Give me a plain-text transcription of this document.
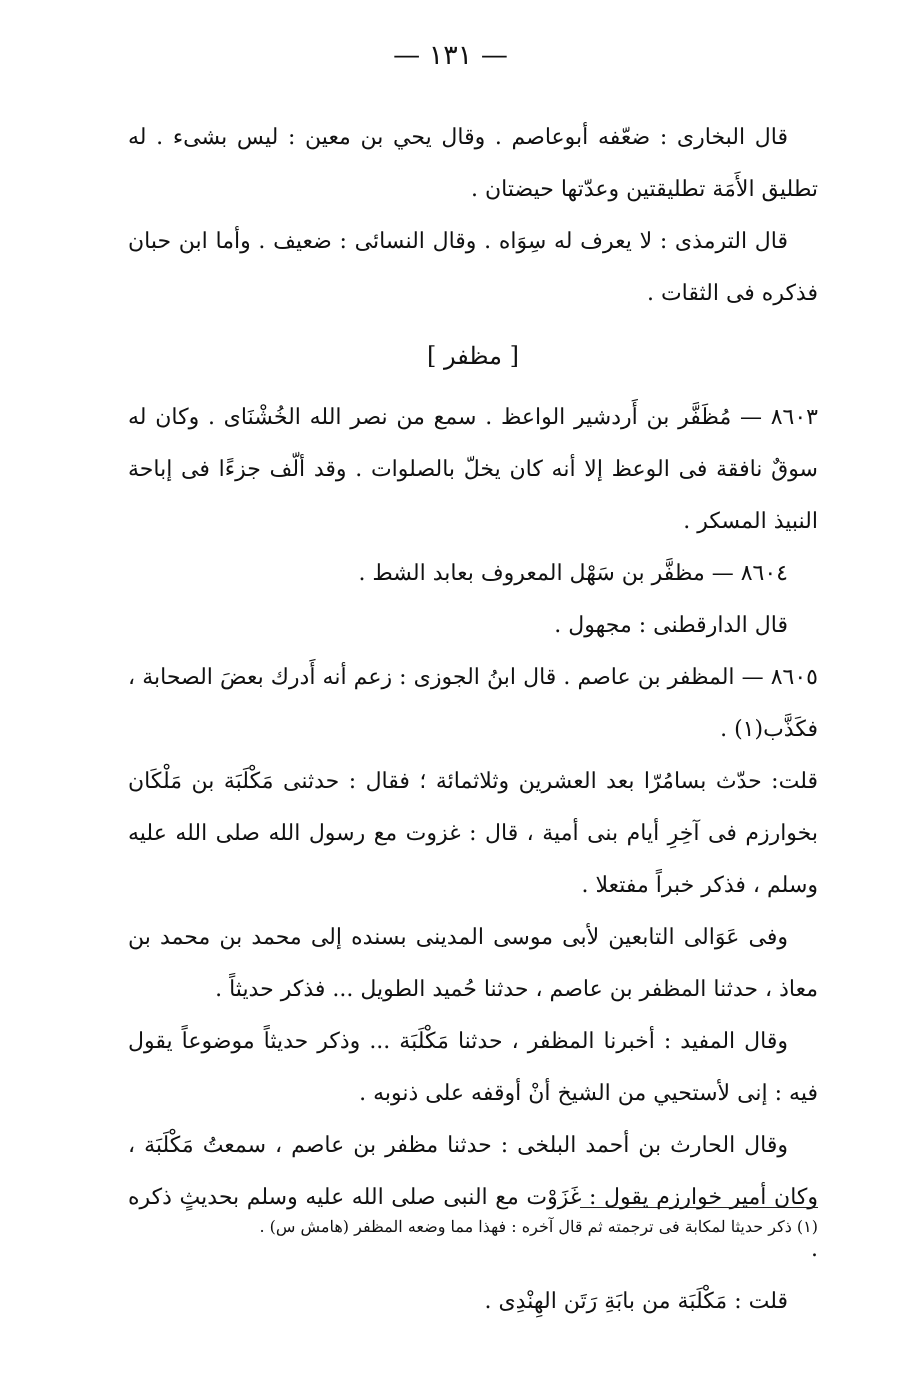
— ١٣١ —

قال البخارى : ضعّفه أبوعاصم . وقال يحي بن معين : ليس بشىء . له تطليق الأَمَة تطليقتين وعدّتها حيضتان .

قال الترمذى : لا يعرف له سِوَاه . وقال النسائى : ضعيف . وأما ابن حبان فذكره فى الثقات .

[ مظفر ]

٨٦٠٣ — مُظَفَّر بن أَردشير الواعظ . سمع من نصر الله الخُشْنَاى . وكان له سوقٌ نافقة فى الوعظ إلا أنه كان يخلّ بالصلوات . وقد ألّف جزءًا فى إباحة النبيذ المسكر .

٨٦٠٤ — مظفَّر بن سَهْل المعروف بعابد الشط .

قال الدارقطنى : مجهول .

٨٦٠٥ — المظفر بن عاصم . قال ابنُ الجوزى : زعم أنه أَدرك بعضَ الصحابة ، فكَذَّب(١) .

قلت: حدّث بسامُرّا بعد العشرين وثلاثمائة ؛ فقال : حدثنى مَكْلَبَة بن مَلْكَان بخوارزم فى آخِرِ أيام بنى أمية ، قال : غزوت مع رسول الله صلى الله عليه وسلم ، فذكر خبراً مفتعلا .

وفى عَوَالى التابعين لأبى موسى المدينى بسنده إلى محمد بن محمد بن معاذ ، حدثنا المظفر بن عاصم ، حدثنا حُميد الطويل ... فذكر حديثاً .

وقال المفيد : أخبرنا المظفر ، حدثنا مَكْلَبَة ... وذكر حديثاً موضوعاً يقول فيه : إنى لأستحيي من الشيخ أنْ أوقفه على ذنوبه .

وقال الحارث بن أحمد البلخى : حدثنا مظفر بن عاصم ، سمعتُ مَكْلَبَة ، وكان أمير خوارزم يقول : غَزَوْت مع النبى صلى الله عليه وسلم بحديثٍ ذكره .

قلت : مَكْلَبَة من بابَةِ رَتَن الهِنْدِى .

(١) ذكر حديثا لمكابة فى ترجمته ثم قال آخره : فهذا مما وضعه المظفر (هامش س) .
